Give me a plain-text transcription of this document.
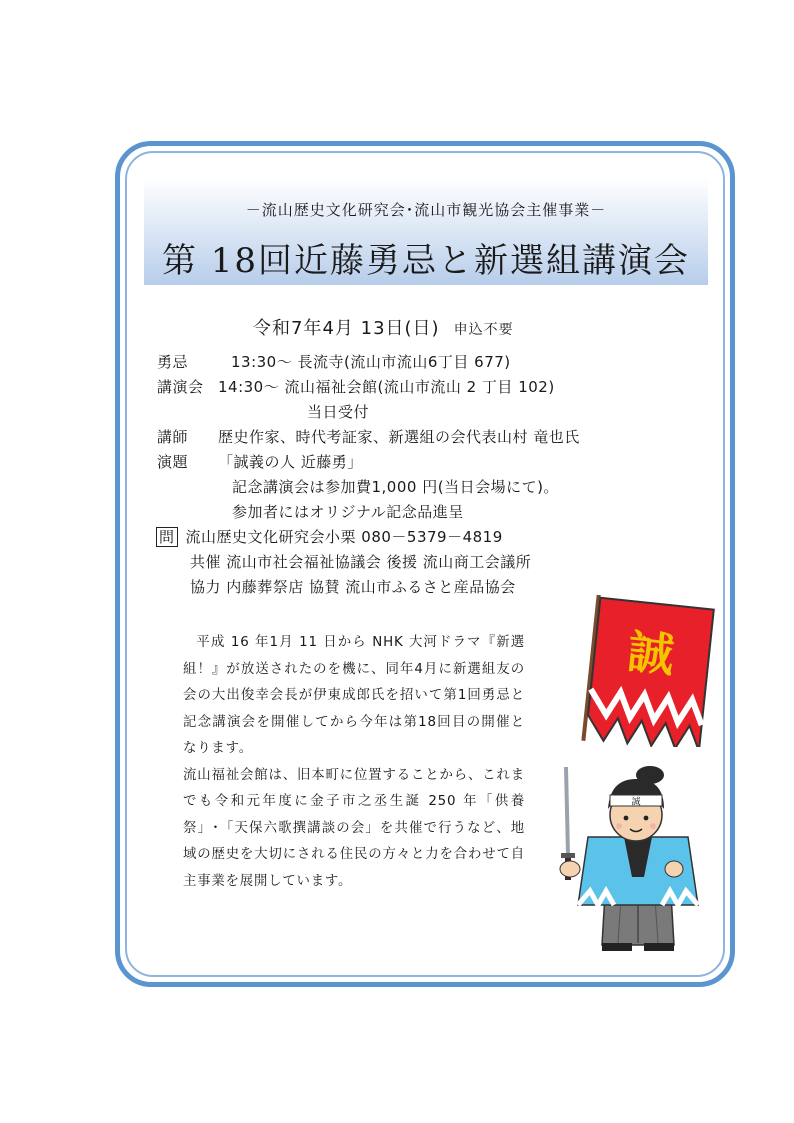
－流山歴史文化研究会･流山市観光協会主催事業－
第 18回近藤勇忌と新選組講演会
令和7年4月 13日(日) 申込不要
勇忌	13:30～ 長流寺(流山市流山6丁目 677)
講演会 14:30～ 流山福祉会館(流山市流山 2 丁目 102)
当日受付
講師 歴史作家、時代考証家、新選組の会代表山村 竜也氏
演題 「誠義の人 近藤勇」
記念講演会は参加費1,000 円(当日会場にて)。
参加者にはオリジナル記念品進呈
問 流山歴史文化研究会小栗 080－5379－4819
共催 流山市社会福祉協議会 後援 流山商工会議所
協力 内藤葬祭店 協賛 流山市ふるさと産品協会

平成 16 年1月 11 日から NHK 大河ドラマ『新選組！』が放送されたのを機に、同年4月に新選組友の会の大出俊幸会長が伊東成郎氏を招いて第1回勇忌と記念講演会を開催してから今年は第18回目の開催となります。

流山福祉会館は、旧本町に位置することから、これまでも令和元年度に金子市之丞生誕 250 年「供養祭」･「天保六歌撰講談の会」を共催で行うなど、地域の歴史を大切にされる住民の方々と力を合わせて自主事業を展開しています。

誠
誠
